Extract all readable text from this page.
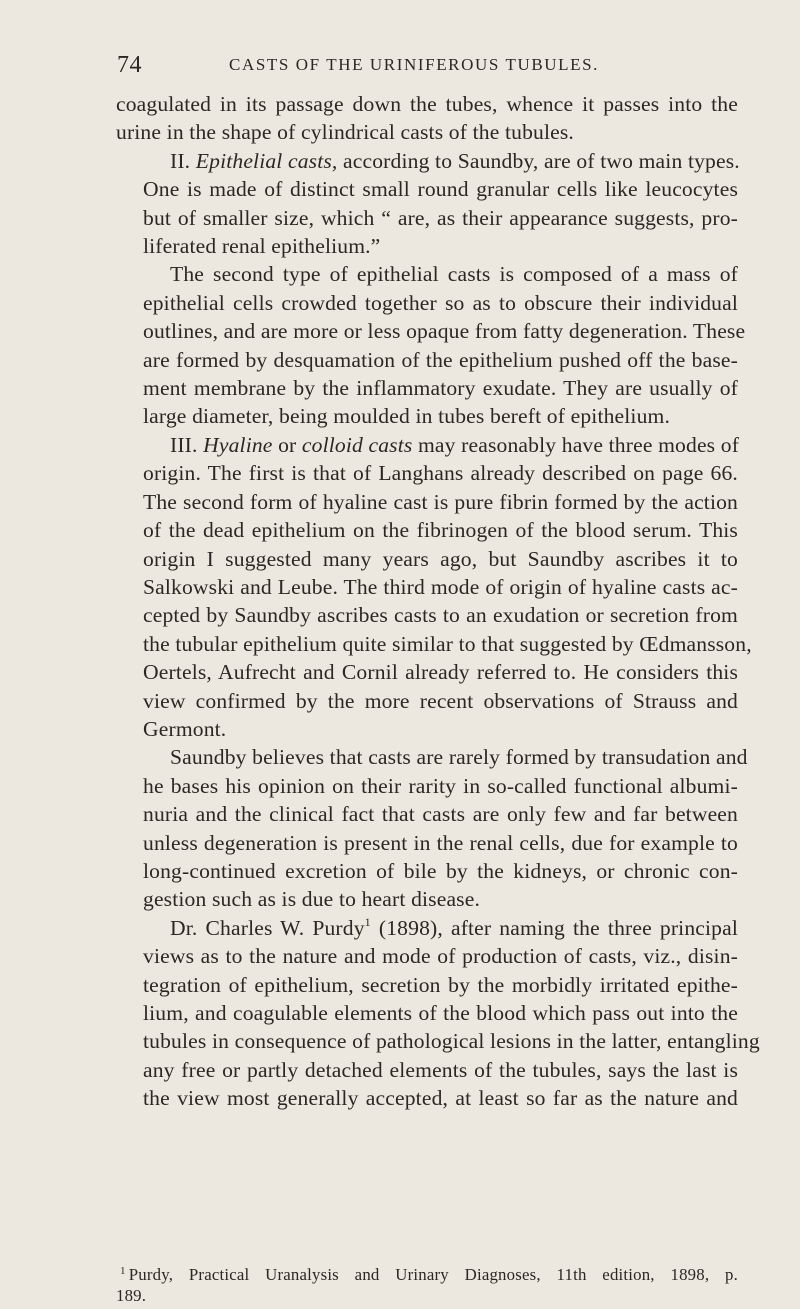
74	CASTS OF THE URINIFEROUS TUBULES.
coagulated in its passage down the tubes, whence it passes into the
urine in the shape of cylindrical casts of the tubules.
II. Epithelial casts, according to Saundby, are of two main types.
One is made of distinct small round granular cells like leucocytes
but of smaller size, which “ are, as their appearance suggests, pro-
liferated renal epithelium.”
The second type of epithelial casts is composed of a mass of
epithelial cells crowded together so as to obscure their individual
outlines, and are more or less opaque from fatty degeneration. These
are formed by desquamation of the epithelium pushed off the base-
ment membrane by the inflammatory exudate. They are usually of
large diameter, being moulded in tubes bereft of epithelium.
III. Hyaline or colloid casts may reasonably have three modes of
origin. The first is that of Langhans already described on page 66.
The second form of hyaline cast is pure fibrin formed by the action
of the dead epithelium on the fibrinogen of the blood serum. This
origin I suggested many years ago, but Saundby ascribes it to
Salkowski and Leube. The third mode of origin of hyaline casts ac-
cepted by Saundby ascribes casts to an exudation or secretion from
the tubular epithelium quite similar to that suggested by Œdmansson,
Oertels, Aufrecht and Cornil already referred to. He considers this
view confirmed by the more recent observations of Strauss and
Germont.
Saundby believes that casts are rarely formed by transudation and
he bases his opinion on their rarity in so-called functional albumi-
nuria and the clinical fact that casts are only few and far between
unless degeneration is present in the renal cells, due for example to
long-continued excretion of bile by the kidneys, or chronic con-
gestion such as is due to heart disease.
Dr. Charles W. Purdy$^1$ (1898), after naming the three principal
views as to the nature and mode of production of casts, viz., disin-
tegration of epithelium, secretion by the morbidly irritated epithe-
lium, and coagulable elements of the blood which pass out into the
tubules in consequence of pathological lesions in the latter, entangling
any free or partly detached elements of the tubules, says the last is
the view most generally accepted, at least so far as the nature and
$^1$ Purdy, Practical Uranalysis and Urinary Diagnoses, 11th edition, 1898, p.
189.
